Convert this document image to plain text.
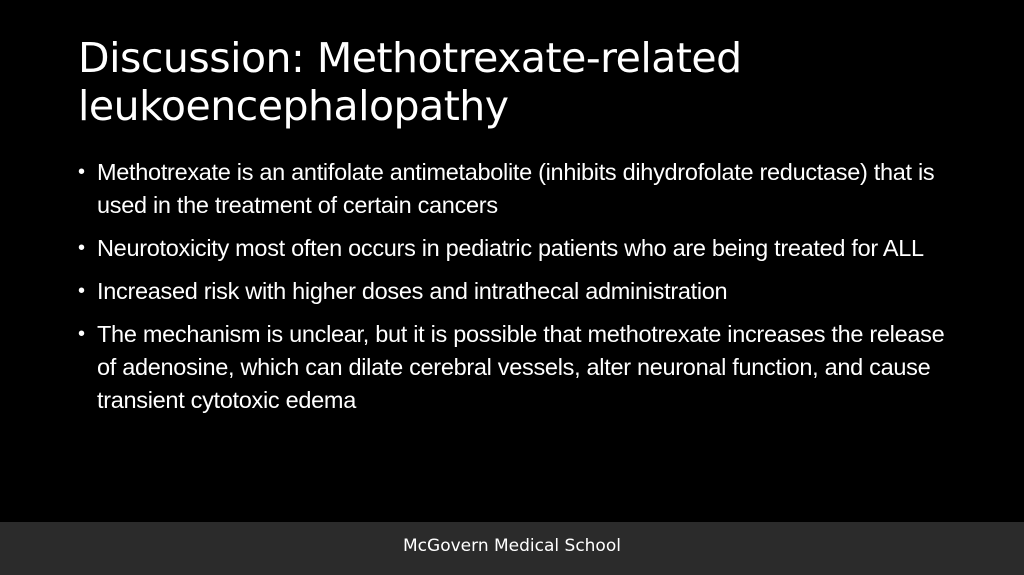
Discussion: Methotrexate-related leukoencephalopathy
• Methotrexate is an antifolate antimetabolite (inhibits dihydrofolate reductase) that is used in the treatment of certain cancers
• Neurotoxicity most often occurs in pediatric patients who are being treated for ALL
• Increased risk with higher doses and intrathecal administration
• The mechanism is unclear, but it is possible that methotrexate increases the release of adenosine, which can dilate cerebral vessels, alter neuronal function, and cause transient cytotoxic edema
McGovern Medical School
